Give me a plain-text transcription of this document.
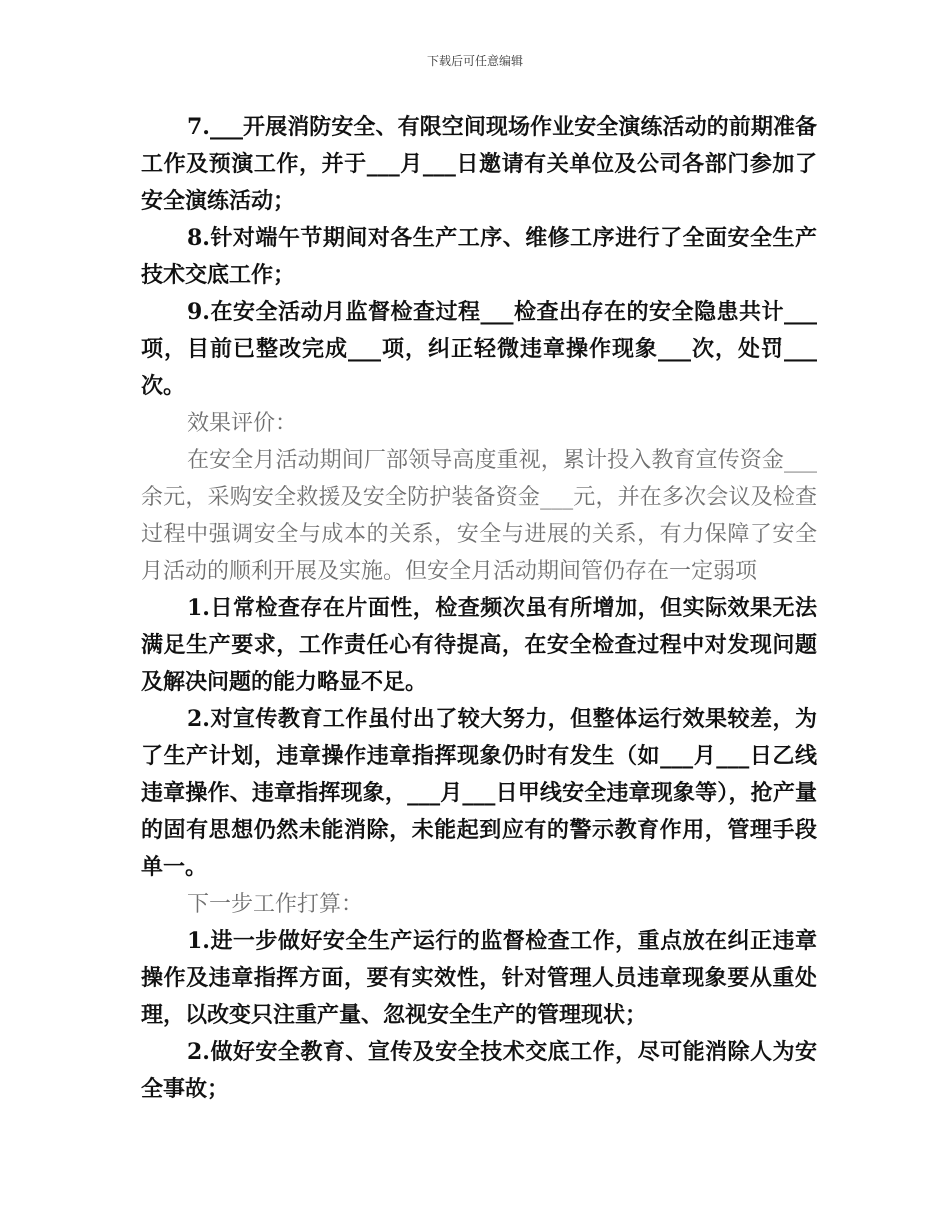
下载后可任意编辑

7.___开展消防安全、有限空间现场作业安全演练活动的前期准备工作及预演工作，并于___月___日邀请有关单位及公司各部门参加了安全演练活动；

8.针对端午节期间对各生产工序、维修工序进行了全面安全生产技术交底工作；

9.在安全活动月监督检查过程___检查出存在的安全隐患共计___项，目前已整改完成___项，纠正轻微违章操作现象___次，处罚___次。

效果评价：

在安全月活动期间厂部领导高度重视，累计投入教育宣传资金___余元，采购安全救援及安全防护装备资金___元，并在多次会议及检查过程中强调安全与成本的关系，安全与进展的关系，有力保障了安全月活动的顺利开展及实施。但安全月活动期间管仍存在一定弱项

1.日常检查存在片面性，检查频次虽有所增加，但实际效果无法满足生产要求，工作责任心有待提高，在安全检查过程中对发现问题及解决问题的能力略显不足。

2.对宣传教育工作虽付出了较大努力，但整体运行效果较差，为了生产计划，违章操作违章指挥现象仍时有发生（如___月___日乙线违章操作、违章指挥现象，___月___日甲线安全违章现象等），抢产量的固有思想仍然未能消除，未能起到应有的警示教育作用，管理手段单一。

下一步工作打算：

1.进一步做好安全生产运行的监督检查工作，重点放在纠正违章操作及违章指挥方面，要有实效性，针对管理人员违章现象要从重处理，以改变只注重产量、忽视安全生产的管理现状；

2.做好安全教育、宣传及安全技术交底工作，尽可能消除人为安全事故；
